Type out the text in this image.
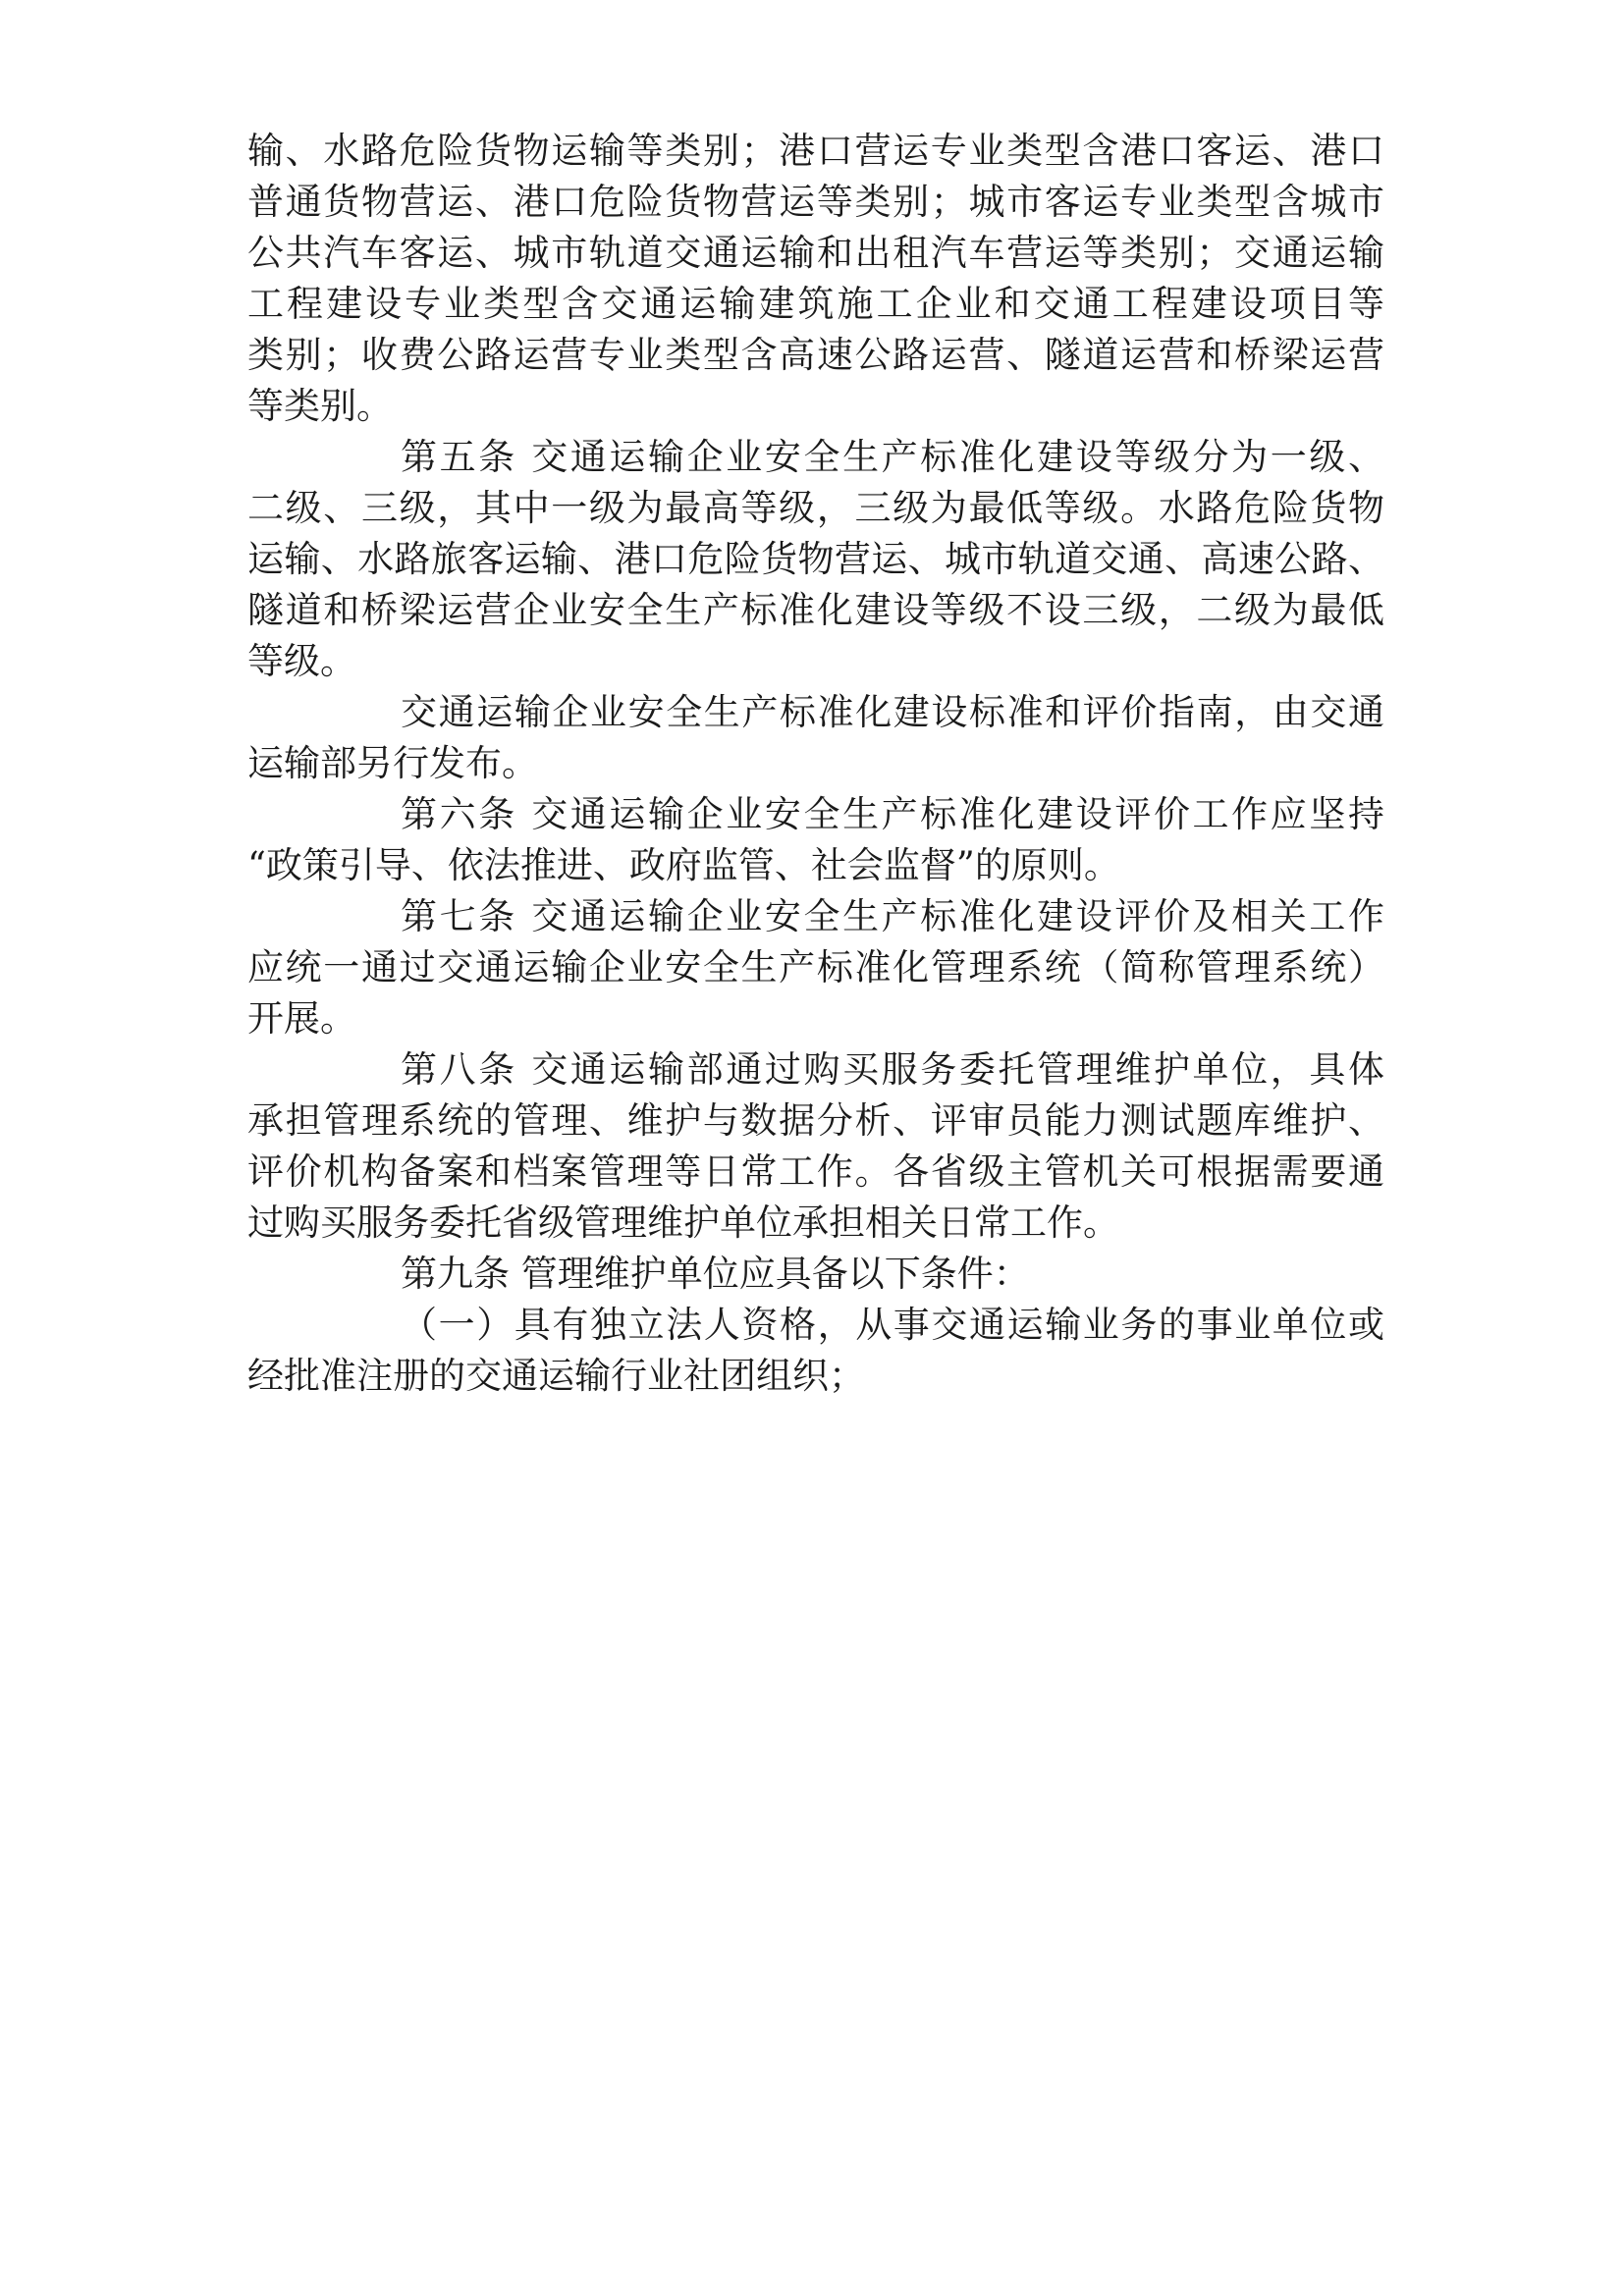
输、水路危险货物运输等类别；港口营运专业类型含港口客运、港口
普通货物营运、港口危险货物营运等类别；城市客运专业类型含城市
公共汽车客运、城市轨道交通运输和出租汽车营运等类别；交通运输
工程建设专业类型含交通运输建筑施工企业和交通工程建设项目等
类别；收费公路运营专业类型含高速公路运营、隧道运营和桥梁运营
等类别。
第五条 交通运输企业安全生产标准化建设等级分为一级、
二级、三级，其中一级为最高等级，三级为最低等级。水路危险货物
运输、水路旅客运输、港口危险货物营运、城市轨道交通、高速公路、
隧道和桥梁运营企业安全生产标准化建设等级不设三级，二级为最低
等级。
交通运输企业安全生产标准化建设标准和评价指南，由交通
运输部另行发布。
第六条 交通运输企业安全生产标准化建设评价工作应坚持
“政策引导、依法推进、政府监管、社会监督”的原则。
第七条 交通运输企业安全生产标准化建设评价及相关工作
应统一通过交通运输企业安全生产标准化管理系统（简称管理系统）
开展。
第八条 交通运输部通过购买服务委托管理维护单位，具体
承担管理系统的管理、维护与数据分析、评审员能力测试题库维护、
评价机构备案和档案管理等日常工作。各省级主管机关可根据需要通
过购买服务委托省级管理维护单位承担相关日常工作。
第九条 管理维护单位应具备以下条件：
（一）具有独立法人资格，从事交通运输业务的事业单位或
经批准注册的交通运输行业社团组织；
